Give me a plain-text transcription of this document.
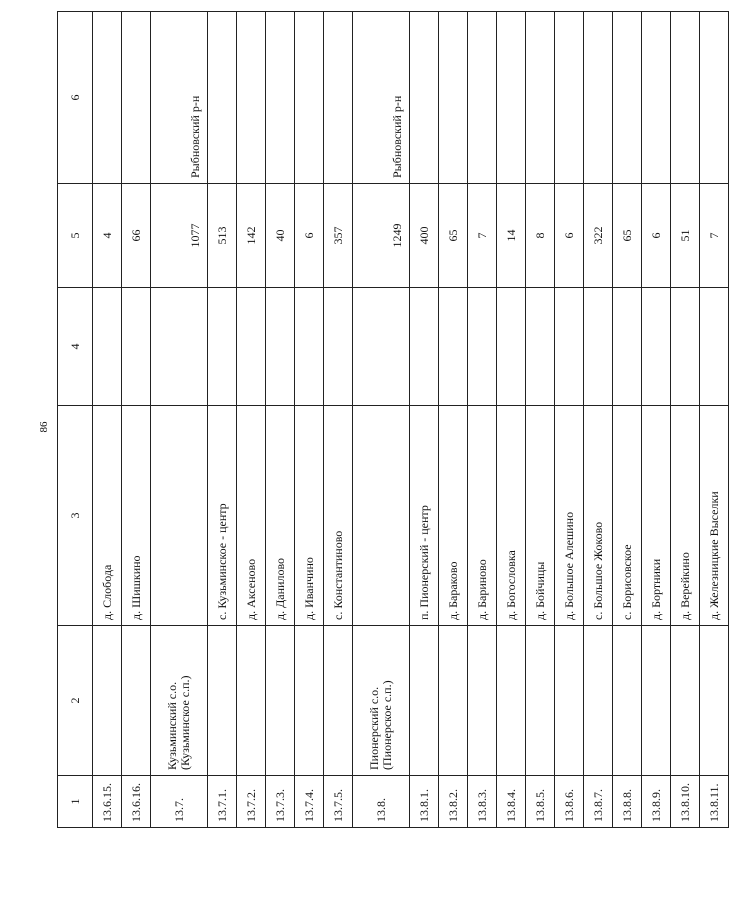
86
1	2	3	4	5	6
13.6.15.		д. Слобода		4	
13.6.16.		д. Шишкино		66	
13.7.	Кузьминский с.о. (Кузьминское с.п.)			1077	Рыбновский р-н
13.7.1.		с. Кузьминское - центр		513	
13.7.2.		д. Аксеново		142	
13.7.3.		д. Данилово		40	
13.7.4.		д. Иванчино		6	
13.7.5.		с. Константиново		357	
13.8.	Пионерский с.о. (Пионерское с.п.)			1249	Рыбновский р-н
13.8.1.		п. Пионерский - центр		400	
13.8.2.		д. Бараково		65	
13.8.3.		д. Бариново		7	
13.8.4.		д. Богословка		14	
13.8.5.		д. Бойчицы		8	
13.8.6.		д. Большое Алешино		6	
13.8.7.		с. Большое Жоково		322	
13.8.8.		с. Борисовское		65	
13.8.9.		д. Бортники		6	
13.8.10.		д. Верейкино		51	
13.8.11.		д. Железницкие Выселки		7	
